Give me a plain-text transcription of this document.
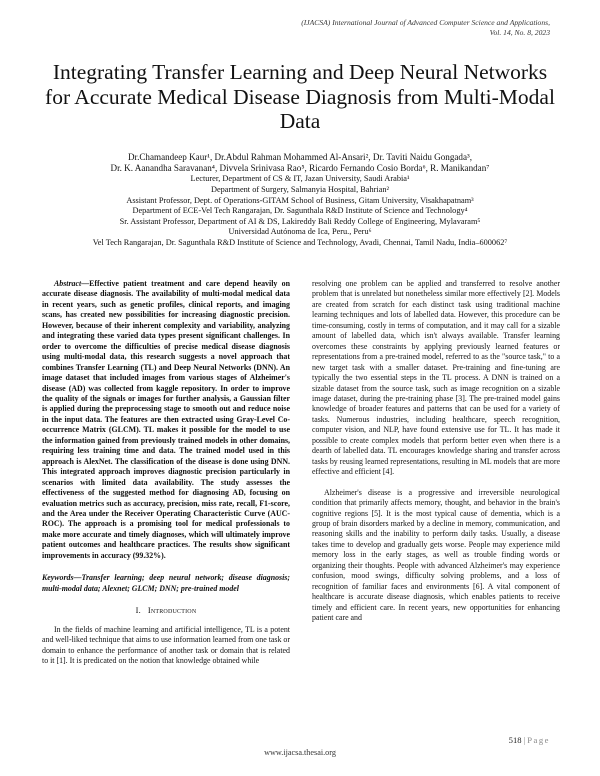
(IJACSA) International Journal of Advanced Computer Science and Applications,
Vol. 14, No. 8, 2023
Integrating Transfer Learning and Deep Neural Networks for Accurate Medical Disease Diagnosis from Multi-Modal Data
Dr.Chamandeep Kaur¹, Dr.Abdul Rahman Mohammed Al-Ansari², Dr. Taviti Naidu Gongada³,
Dr. K. Aanandha Saravanan⁴, Divvela Srinivasa Rao⁵, Ricardo Fernando Cosio Borda⁶, R. Manikandan⁷
Lecturer, Department of CS & IT, Jazan University, Saudi Arabia¹
Department of Surgery, Salmanyia Hospital, Bahrian²
Assistant Professor, Dept. of Operations-GITAM School of Business, Gitam University, Visakhapatnam³
Department of ECE-Vel Tech Rangarajan, Dr. Sagunthala R&D Institute of Science and Technology⁴
Sr. Assistant Professor, Department of AI & DS, Lakireddy Bali Reddy College of Engineering, Mylavaram⁵
Universidad Autónoma de Ica, Peru., Peru⁶
Vel Tech Rangarajan, Dr. Sagunthala R&D Institute of Science and Technology, Avadi, Chennai, Tamil Nadu, India–600062⁷

Abstract—Effective patient treatment and care depend heavily on accurate disease diagnosis. The availability of multi-modal medical data in recent years, such as genetic profiles, clinical reports, and imaging scans, has created new possibilities for increasing diagnostic precision. However, because of their inherent complexity and variability, analyzing and integrating these varied data types present significant challenges. In order to overcome the difficulties of precise medical disease diagnosis using multi-modal data, this research suggests a novel approach that combines Transfer Learning (TL) and Deep Neural Networks (DNN). An image dataset that included images from various stages of Alzheimer's disease (AD) was collected from kaggle repository. In order to improve the quality of the signals or images for further analysis, a Gaussian filter is applied during the preprocessing stage to smooth out and reduce noise in the input data. The features are then extracted using Gray-Level Co-occurrence Matrix (GLCM). TL makes it possible for the model to use the information gained from previously trained models in other domains, requiring less training time and data. The trained model used in this approach is AlexNet. The classification of the disease is done using DNN. This integrated approach improves diagnostic precision particularly in scenarios with limited data availability. The study assesses the effectiveness of the suggested method for diagnosing AD, focusing on evaluation metrics such as accuracy, precision, miss rate, recall, F1-score, and the Area under the Receiver Operating Characteristic Curve (AUC-ROC). The approach is a promising tool for medical professionals to make more accurate and timely diagnoses, which will ultimately improve patient outcomes and healthcare practices. The results show significant improvements in accuracy (99.32%).

Keywords—Transfer learning; deep neural network; disease diagnosis; multi-modal data; Alexnet; GLCM; DNN; pre-trained model
I. Introduction

In the fields of machine learning and artificial intelligence, TL is a potent and well-liked technique that aims to use information learned from one task or domain to enhance the performance of another task or domain that is related to it [1]. It is predicated on the notion that knowledge obtained while

resolving one problem can be applied and transferred to resolve another problem that is unrelated but nonetheless similar more effectively [2]. Models are created from scratch for each distinct task using traditional machine learning techniques and lots of labelled data. However, this procedure can be time-consuming, costly in terms of computation, and it may call for a sizable amount of labelled data, which isn't always available. Transfer learning overcomes these constraints by applying previously learned features or representations from a pre-trained model, referred to as the "source task," to a new target task with a smaller dataset. Pre-training and fine-tuning are typically the two essential steps in the TL process. A DNN is trained on a sizable dataset from the source task, such as image recognition on a sizable image dataset, during the pre-training phase [3]. The pre-trained model gains knowledge of broader features and patterns that can be used for a variety of tasks. Numerous industries, including healthcare, speech recognition, computer vision, and NLP, have found extensive use for TL. It has made it possible to create complex models that perform better even when there is a dearth of labelled data. TL encourages knowledge sharing and transfer across tasks by reusing learned representations, resulting in ML models that are more effective and efficient [4].

Alzheimer's disease is a progressive and irreversible neurological condition that primarily affects memory, thought, and behavior in the brain's cognitive regions [5]. It is the most typical cause of dementia, which is a group of brain disorders marked by a decline in memory, communication, and reasoning skills and the inability to perform daily tasks. Usually, a disease takes time to develop and gradually gets worse. People may experience mild memory loss in the early stages, as well as trouble finding words or organizing their thoughts. People with advanced Alzheimer's may experience confusion, mood swings, difficulty solving problems, and a loss of recognition of familiar faces and environments [6]. A vital component of healthcare is accurate disease diagnosis, which enables patients to receive timely and efficient care. In recent years, new opportunities for enhancing patient care and

518 | Page
www.ijacsa.thesai.org
